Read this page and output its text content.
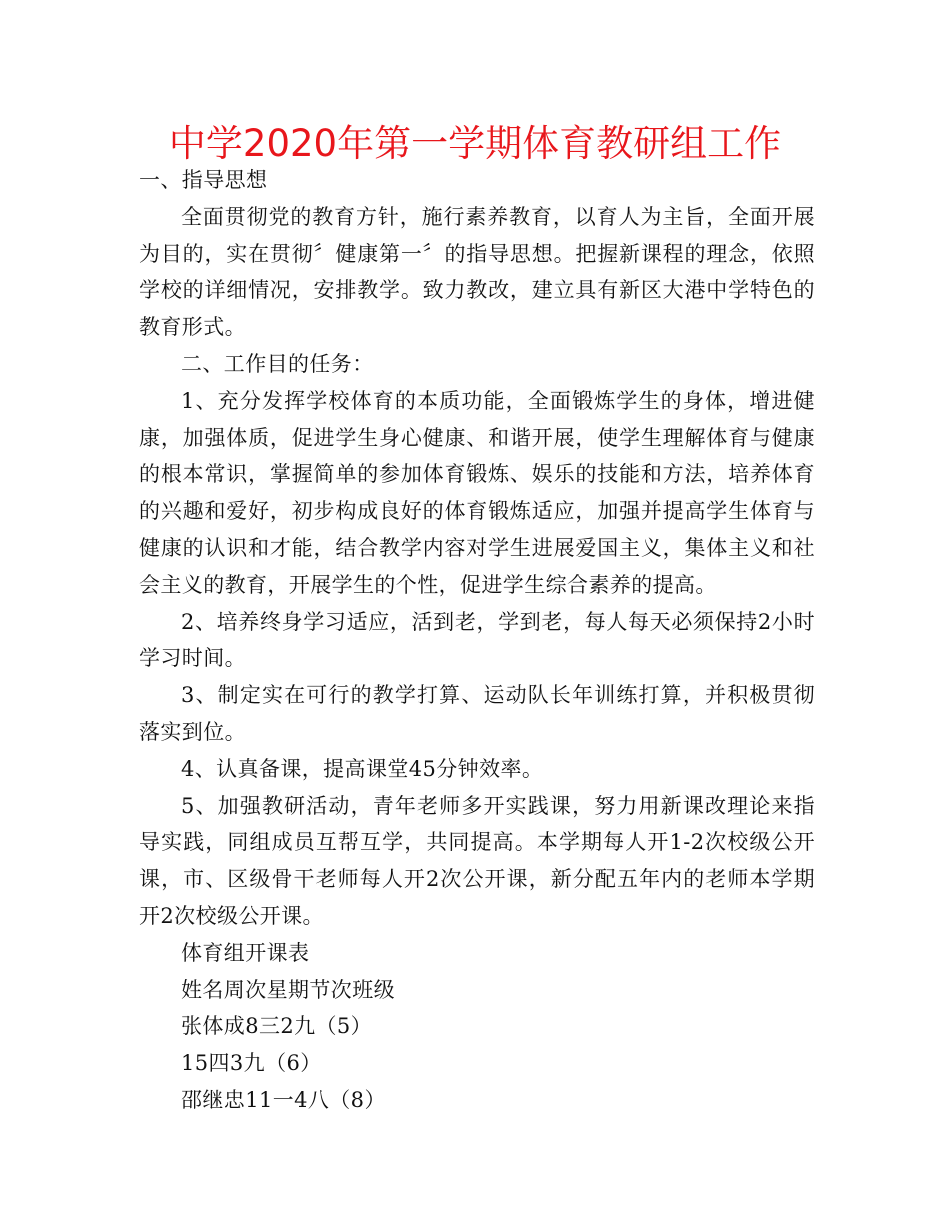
中学2020年第一学期体育教研组工作

一、指导思想

全面贯彻党的教育方针，施行素养教育，以育人为主旨，全面开展为目的，实在贯彻〞健康第一〞的指导思想。把握新课程的理念，依照学校的详细情况，安排教学。致力教改，建立具有新区大港中学特色的教育形式。

二、工作目的任务：

1、充分发挥学校体育的本质功能，全面锻炼学生的身体，增进健康，加强体质，促进学生身心健康、和谐开展，使学生理解体育与健康的根本常识，掌握简单的参加体育锻炼、娱乐的技能和方法，培养体育的兴趣和爱好，初步构成良好的体育锻炼适应，加强并提高学生体育与健康的认识和才能，结合教学内容对学生进展爱国主义，集体主义和社会主义的教育，开展学生的个性，促进学生综合素养的提高。

2、培养终身学习适应，活到老，学到老，每人每天必须保持2小时学习时间。

3、制定实在可行的教学打算、运动队长年训练打算，并积极贯彻落实到位。

4、认真备课，提高课堂45分钟效率。

5、加强教研活动，青年老师多开实践课，努力用新课改理论来指导实践，同组成员互帮互学，共同提高。本学期每人开1-2次校级公开课，市、区级骨干老师每人开2次公开课，新分配五年内的老师本学期开2次校级公开课。

体育组开课表

姓名周次星期节次班级

张体成8三2九（5）

15四3九（6）

邵继忠11一4八（8）
